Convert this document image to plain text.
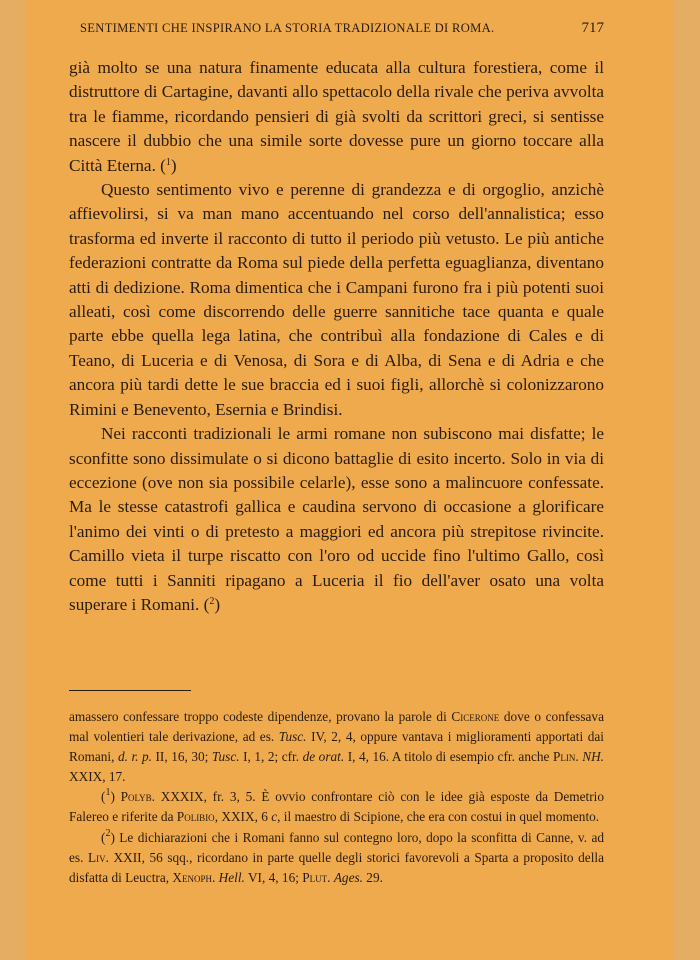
SENTIMENTI CHE INSPIRANO LA STORIA TRADIZIONALE DI ROMA.	717

già molto se una natura finamente educata alla cultura forestiera, come il distruttore di Cartagine, davanti allo spettacolo della rivale che periva avvolta tra le fiamme, ricordando pensieri di già svolti da scrittori greci, si sentisse nascere il dubbio che una simile sorte dovesse pure un giorno toccare alla Città Eterna. ($^1$)

Questo sentimento vivo e perenne di grandezza e di orgoglio, anzichè affievolirsi, si va man mano accentuando nel corso dell'annalistica; esso trasforma ed inverte il racconto di tutto il periodo più vetusto. Le più antiche federazioni contratte da Roma sul piede della perfetta eguaglianza, diventano atti di dedizione. Roma dimentica che i Campani furono fra i più potenti suoi alleati, così come discorrendo delle guerre sannitiche tace quanta e quale parte ebbe quella lega latina, che contribuì alla fondazione di Cales e di Teano, di Luceria e di Venosa, di Sora e di Alba, di Sena e di Adria e che ancora più tardi dette le sue braccia ed i suoi figli, allorchè si colonizzarono Rimini e Benevento, Esernia e Brindisi.

Nei racconti tradizionali le armi romane non subiscono mai disfatte; le sconfitte sono dissimulate o si dicono battaglie di esito incerto. Solo in via di eccezione (ove non sia possibile celarle), esse sono a malincuore confessate. Ma le stesse catastrofi gallica e caudina servono di occasione a glorificare l'animo dei vinti o di pretesto a maggiori ed ancora più strepitose rivincite. Camillo vieta il turpe riscatto con l'oro od uccide fino l'ultimo Gallo, così come tutti i Sanniti ripagano a Luceria il fio dell'aver osato una volta superare i Romani. ($^2$)

amassero confessare troppo codeste dipendenze, provano la parole di Cicerone dove o confessava mal volentieri tale derivazione, ad es. Tusc. IV, 2, 4, oppure vantava i miglioramenti apportati dai Romani, d. r. p. II, 16, 30; Tusc. I, 1, 2; cfr. de orat. I, 4, 16. A titolo di esempio cfr. anche Plin. NH. XXIX, 17.

($^1$) Polyb. XXXIX, fr. 3, 5. È ovvio confrontare ciò con le idee già esposte da Demetrio Falereo e riferite da Polibio, XXIX, 6 c, il maestro di Scipione, che era con costui in quel momento.

($^2$) Le dichiarazioni che i Romani fanno sul contegno loro, dopo la sconfitta di Canne, v. ad es. Liv. XXII, 56 sqq., ricordano in parte quelle degli storici favorevoli a Sparta a proposito della disfatta di Leuctra, Xenoph. Hell. VI, 4, 16; Plut. Ages. 29.
